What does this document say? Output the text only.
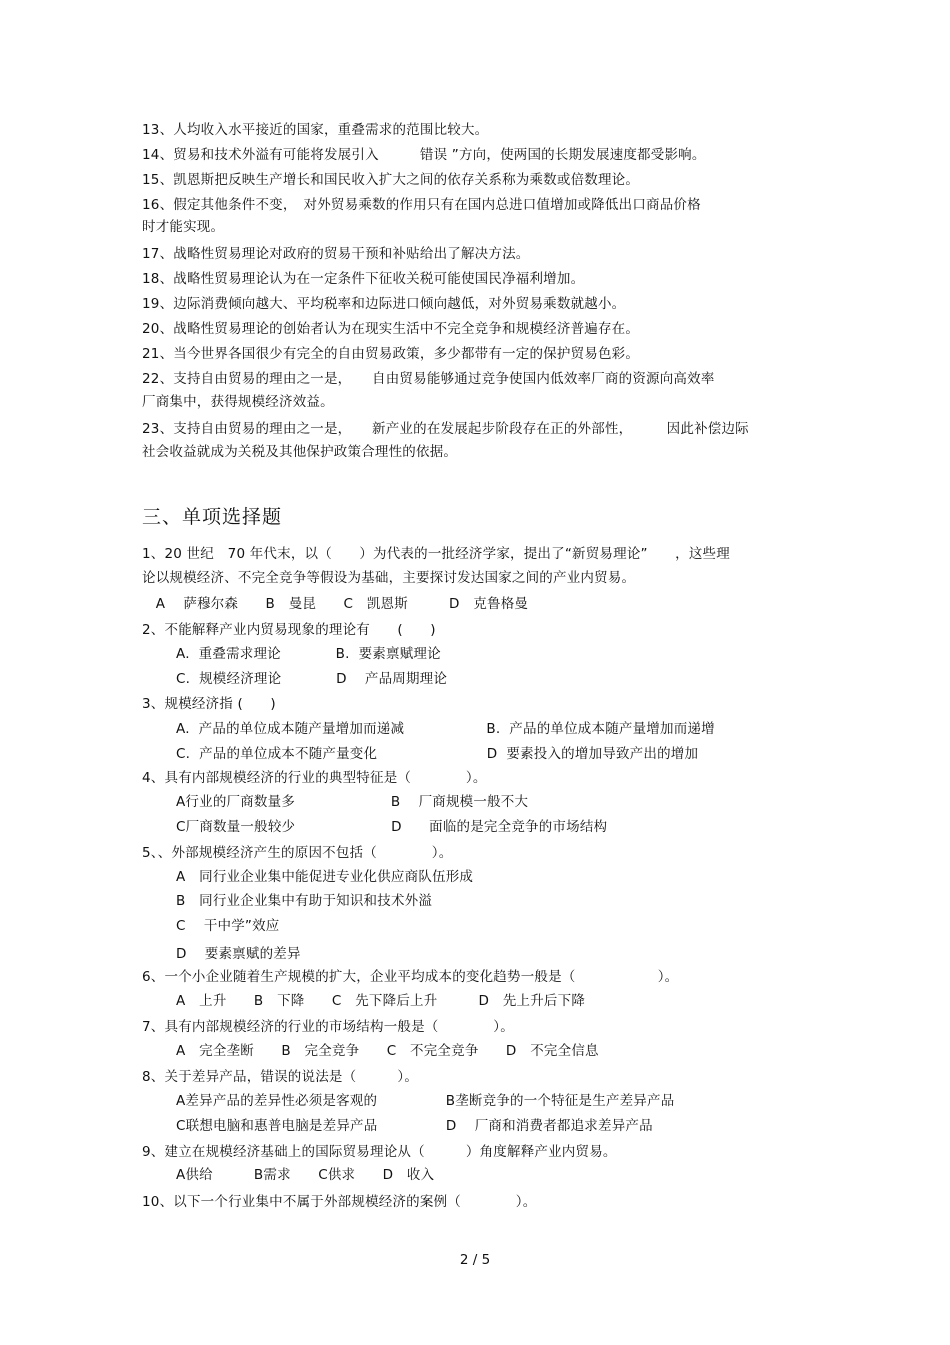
13、人均收入水平接近的国家，重叠需求的范围比较大。
14、贸易和技术外溢有可能将发展引入　　　错误 ”方向，使两国的长期发展速度都受影响。
15、凯恩斯把反映生产增长和国民收入扩大之间的依存关系称为乘数或倍数理论。
16、假定其他条件不变，　对外贸易乘数的作用只有在国内总进口值增加或降低出口商品价格
时才能实现。
17、战略性贸易理论对政府的贸易干预和补贴给出了解决方法。
18、战略性贸易理论认为在一定条件下征收关税可能使国民净福利增加。
19、边际消费倾向越大、平均税率和边际进口倾向越低，对外贸易乘数就越小。
20、战略性贸易理论的创始者认为在现实生活中不完全竞争和规模经济普遍存在。
21、当今世界各国很少有完全的自由贸易政策，多少都带有一定的保护贸易色彩。
22、支持自由贸易的理由之一是，　　自由贸易能够通过竞争使国内低效率厂商的资源向高效率
厂商集中，获得规模经济效益。
23、支持自由贸易的理由之一是，　　新产业的在发展起步阶段存在正的外部性，　　　因此补偿边际
社会收益就成为关税及其他保护政策合理性的依据。
三、单项选择题
1、20 世纪　70 年代末，以（　　）为代表的一批经济学家，提出了“新贸易理论”　　，这些理
论以规模经济、不完全竞争等假设为基础，主要探讨发达国家之间的产业内贸易。
　A　 萨穆尔森　　B　曼昆　　C　凯恩斯　　　D　克鲁格曼
2、不能解释产业内贸易现象的理论有　　(　　)
A.  重叠需求理论　　　　B.  要素禀赋理论
C.  规模经济理论　　　　D　 产品周期理论
3、规模经济指 (　　)
A.  产品的单位成本随产量增加而递减　　　　　　B.  产品的单位成本随产量增加而递增
C.  产品的单位成本不随产量变化　　　　　　　　D  要素投入的增加导致产出的增加
4、具有内部规模经济的行业的典型特征是（　　　　）。
A行业的厂商数量多　　　　　　　B　 厂商规模一般不大
C厂商数量一般较少　　　　　　　D　　面临的是完全竞争的市场结构
5、、外部规模经济产生的原因不包括（　　　　）。
A　同行业企业集中能促进专业化供应商队伍形成
B　同行业企业集中有助于知识和技术外溢
C　 干中学”效应
D　 要素禀赋的差异
6、一个小企业随着生产规模的扩大，企业平均成本的变化趋势一般是（　　　　　　）。
A　上升　　B　下降　　C　先下降后上升　　　D　先上升后下降
7、具有内部规模经济的行业的市场结构一般是（　　　　）。
A　完全垄断　　B　完全竞争　　C　不完全竞争　　D　不完全信息
8、关于差异产品，错误的说法是（　　　）。
A差异产品的差异性必须是客观的　　　　　B垄断竞争的一个特征是生产差异产品
C联想电脑和惠普电脑是差异产品　　　　　D　 厂商和消费者都追求差异产品
9、建立在规模经济基础上的国际贸易理论从（　　　）角度解释产业内贸易。
A供给　　　B需求　　C供求　　D　收入
10、以下一个行业集中不属于外部规模经济的案例（　　　　）。
2 / 5
